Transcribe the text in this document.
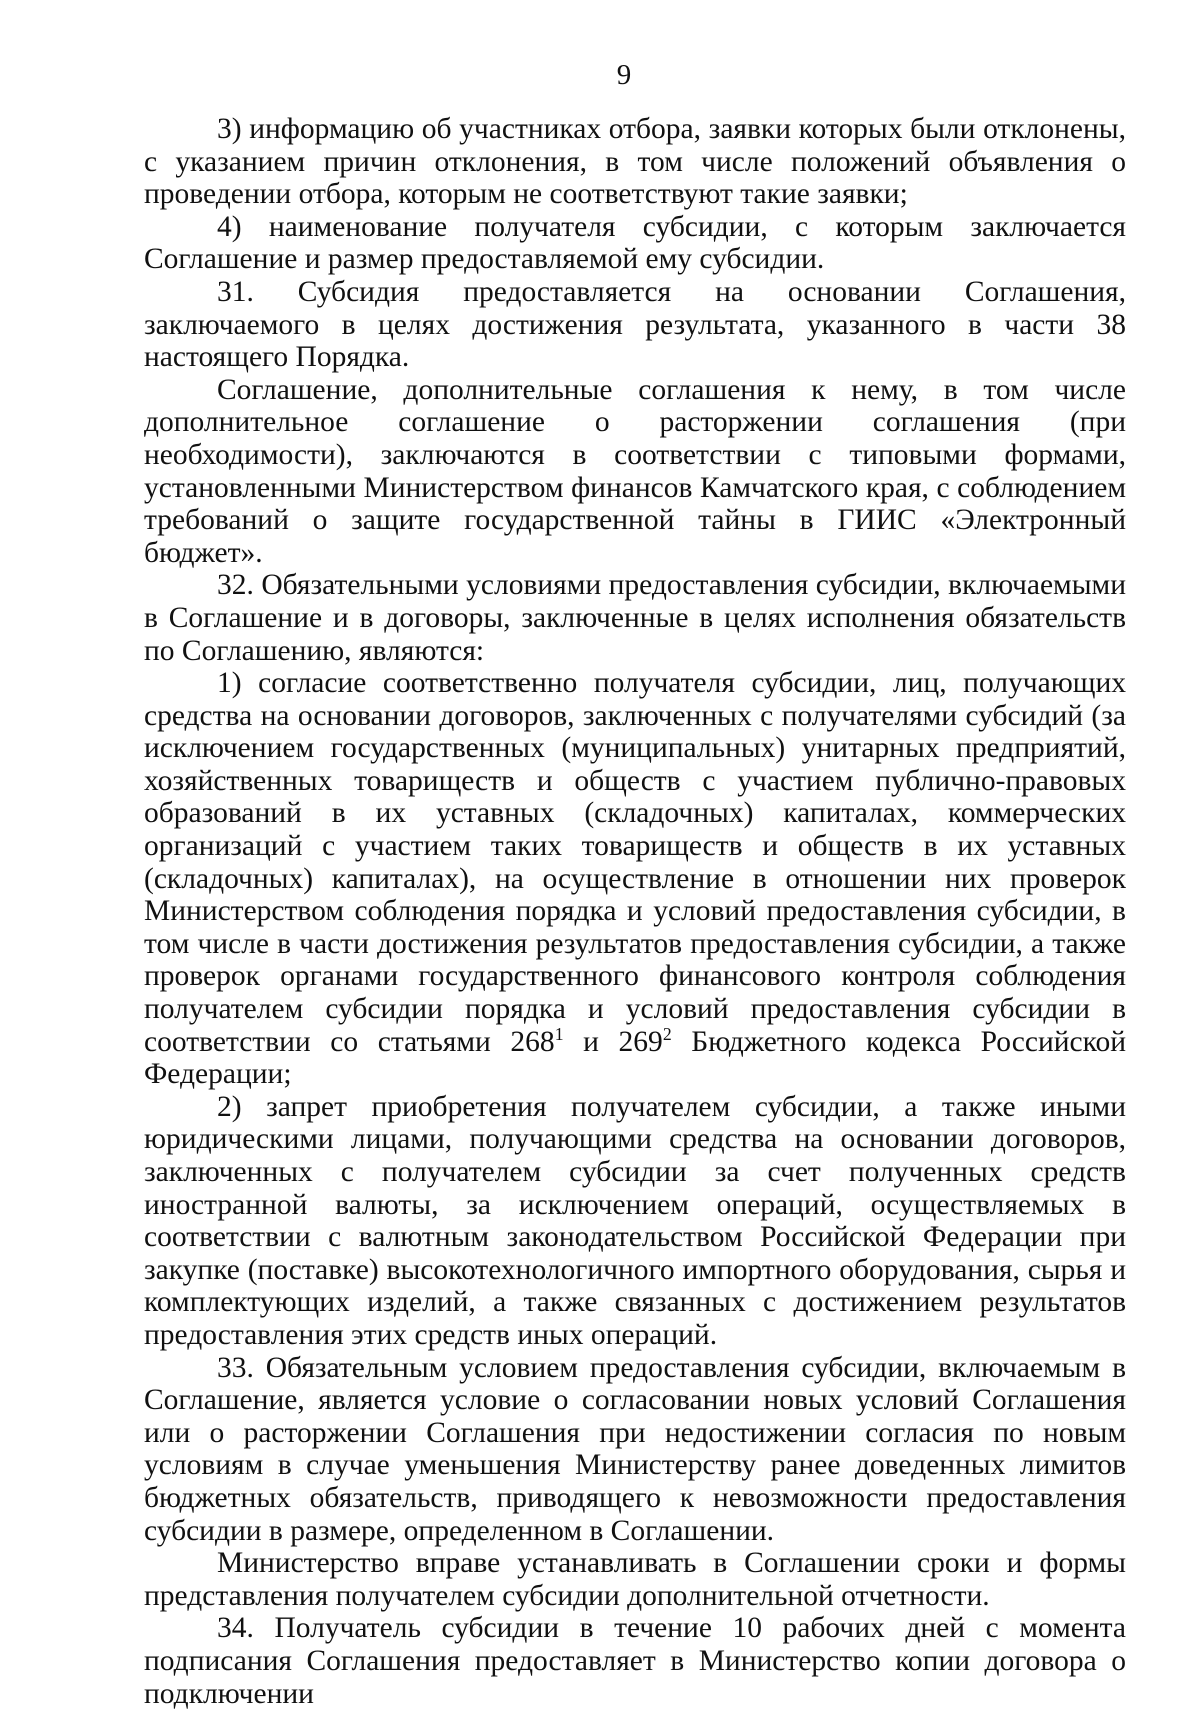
9

3) информацию об участниках отбора, заявки которых были отклонены, с указанием причин отклонения, в том числе положений объявления о проведении отбора, которым не соответствуют такие заявки;

4) наименование получателя субсидии, с которым заключается Соглашение и размер предоставляемой ему субсидии.

31. Субсидия предоставляется на основании Соглашения, заключаемого в целях достижения результата, указанного в части 38 настоящего Порядка.

Соглашение, дополнительные соглашения к нему, в том числе дополнительное соглашение о расторжении соглашения (при необходимости), заключаются в соответствии с типовыми формами, установленными Министерством финансов Камчатского края, с соблюдением требований о защите государственной тайны в ГИИС «Электронный бюджет».

32. Обязательными условиями предоставления субсидии, включаемыми в Соглашение и в договоры, заключенные в целях исполнения обязательств по Соглашению, являются:

1) согласие соответственно получателя субсидии, лиц, получающих средства на основании договоров, заключенных с получателями субсидий (за исключением государственных (муниципальных) унитарных предприятий, хозяйственных товариществ и обществ с участием публично-правовых образований в их уставных (складочных) капиталах, коммерческих организаций с участием таких товариществ и обществ в их уставных (складочных) капиталах), на осуществление в отношении них проверок Министерством соблюдения порядка и условий предоставления субсидии, в том числе в части достижения результатов предоставления субсидии, а также проверок органами государственного финансового контроля соблюдения получателем субсидии порядка и условий предоставления субсидии в соответствии со статьями $268^1$ и $269^2$ Бюджетного кодекса Российской Федерации;

2) запрет приобретения получателем субсидии, а также иными юридическими лицами, получающими средства на основании договоров, заключенных с получателем субсидии за счет полученных средств иностранной валюты, за исключением операций, осуществляемых в соответствии с валютным законодательством Российской Федерации при закупке (поставке) высокотехнологичного импортного оборудования, сырья и комплектующих изделий, а также связанных с достижением результатов предоставления этих средств иных операций.

33. Обязательным условием предоставления субсидии, включаемым в Соглашение, является условие о согласовании новых условий Соглашения или о расторжении Соглашения при недостижении согласия по новым условиям в случае уменьшения Министерству ранее доведенных лимитов бюджетных обязательств, приводящего к невозможности предоставления субсидии в размере, определенном в Соглашении.

Министерство вправе устанавливать в Соглашении сроки и формы представления получателем субсидии дополнительной отчетности.

34. Получатель субсидии в течение 10 рабочих дней с момента подписания Соглашения предоставляет в Министерство копии договора о подключении
